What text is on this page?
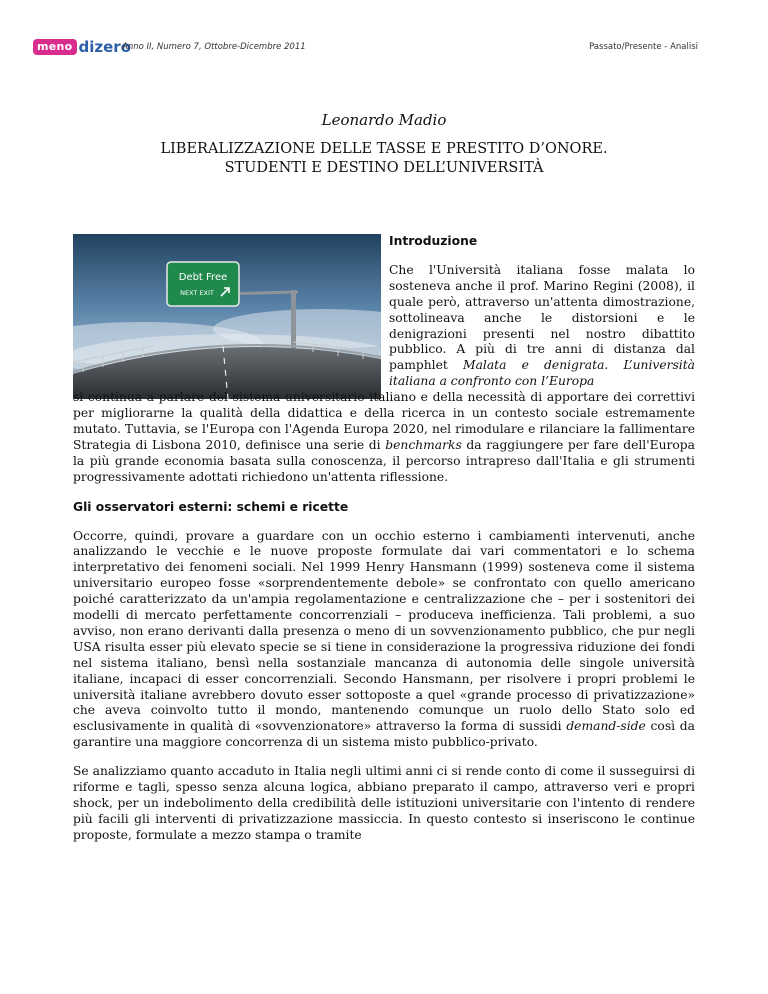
meno dizero
Anno II, Numero 7, Ottobre-Dicembre 2011	Passato/Presente - Analisi
Leonardo Madio
LIBERALIZZAZIONE DELLE TASSE E PRESTITO D’ONORE.
STUDENTI E DESTINO DELL’UNIVERSITÀ
Debt Free
NEXT EXIT

Introduzione

Che l'Università italiana fosse malata lo sosteneva anche il prof. Marino Regini (2008), il quale però, attraverso un'attenta dimostrazione, sottolineava anche le distorsioni e le denigrazioni presenti nel nostro dibattito pubblico. A più di tre anni di distanza dal pamphlet Malata e denigrata. L’università italiana a confronto con l’Europa

si continua a parlare del sistema universitario italiano e della necessità di apportare dei correttivi per migliorarne la qualità della didattica e della ricerca in un contesto sociale estremamente mutato. Tuttavia, se l'Europa con l'Agenda Europa 2020, nel rimodulare e rilanciare la fallimentare Strategia di Lisbona 2010, definisce una serie di benchmarks da raggiungere per fare dell'Europa la più grande economia basata sulla conoscenza, il percorso intrapreso dall'Italia e gli strumenti progressivamente adottati richiedono un'attenta riflessione.

Gli osservatori esterni: schemi e ricette

Occorre, quindi, provare a guardare con un occhio esterno i cambiamenti intervenuti, anche analizzando le vecchie e le nuove proposte formulate dai vari commentatori e lo schema interpretativo dei fenomeni sociali. Nel 1999 Henry Hansmann (1999) sosteneva come il sistema universitario europeo fosse «sorprendentemente debole» se confrontato con quello americano poiché caratterizzato da un'ampia regolamentazione e centralizzazione che – per i sostenitori dei modelli di mercato perfettamente concorrenziali – produceva inefficienza. Tali problemi, a suo avviso, non erano derivanti dalla presenza o meno di un sovvenzionamento pubblico, che pur negli USA risulta esser più elevato specie se si tiene in considerazione la progressiva riduzione dei fondi nel sistema italiano, bensì nella sostanziale mancanza di autonomia delle singole università italiane, incapaci di esser concorrenziali. Secondo Hansmann, per risolvere i propri problemi le università italiane avrebbero dovuto esser sottoposte a quel «grande processo di privatizzazione» che aveva coinvolto tutto il mondo, mantenendo comunque un ruolo dello Stato solo ed esclusivamente in qualità di «sovvenzionatore» attraverso la forma di sussidi demand-side così da garantire una maggiore concorrenza di un sistema misto pubblico-privato.

Se analizziamo quanto accaduto in Italia negli ultimi anni ci si rende conto di come il susseguirsi di riforme e tagli, spesso senza alcuna logica, abbiano preparato il campo, attraverso veri e propri shock, per un indebolimento della credibilità delle istituzioni universitarie con l'intento di rendere più facili gli interventi di privatizzazione massiccia. In questo contesto si inseriscono le continue proposte, formulate a mezzo stampa o tramite
